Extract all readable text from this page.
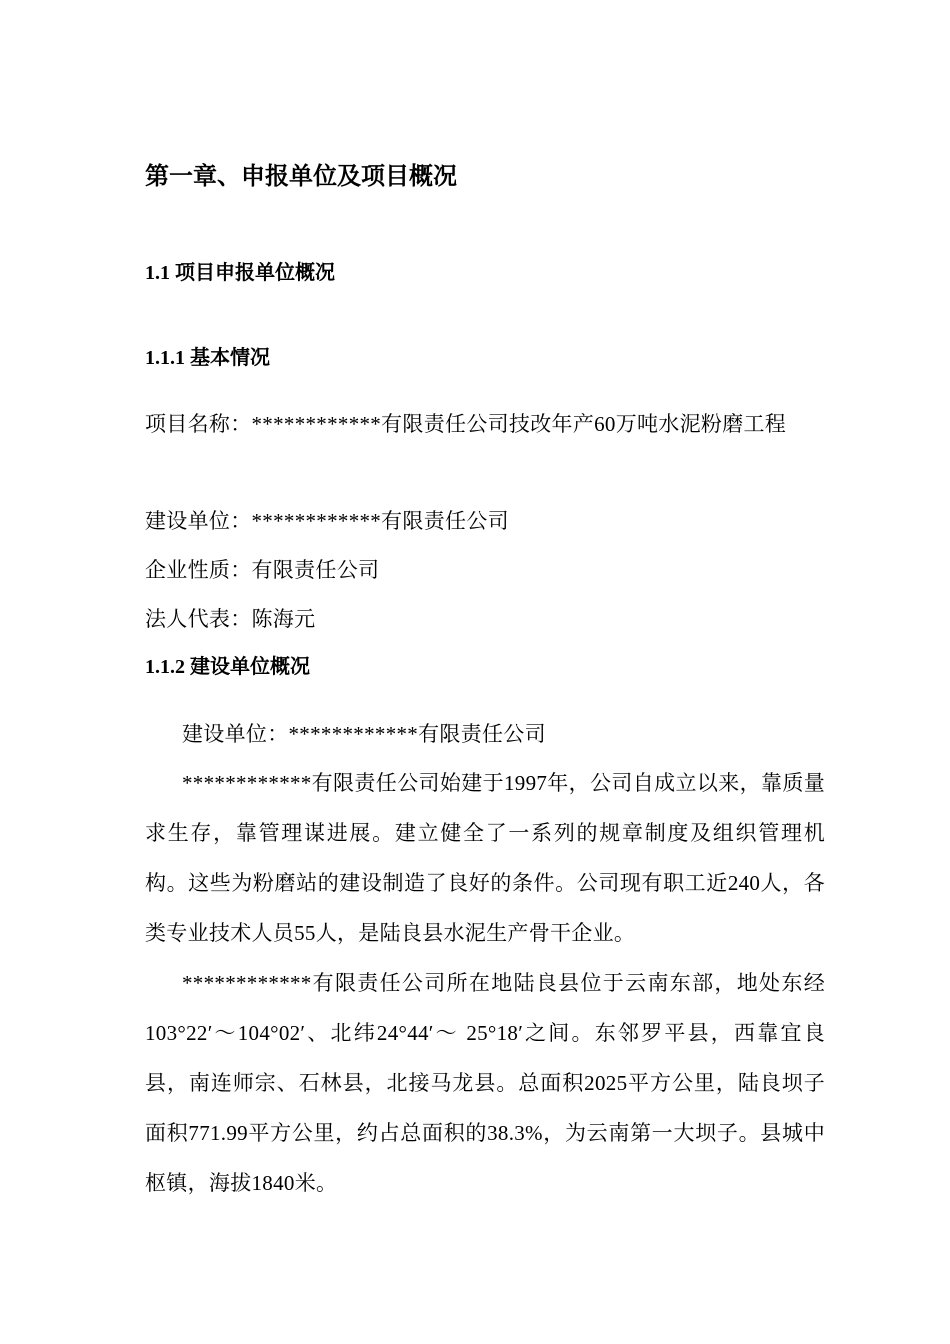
第一章、申报单位及项目概况
1.1 项目申报单位概况
1.1.1 基本情况

项目名称：************有限责任公司技改年产60万吨水泥粉磨工程

建设单位：************有限责任公司

企业性质：有限责任公司

法人代表：陈海元

1.1.2 建设单位概况

建设单位：************有限责任公司

************有限责任公司始建于1997年，公司自成立以来，靠质量求生存，靠管理谋进展。建立健全了一系列的规章制度及组织管理机构。这些为粉磨站的建设制造了良好的条件。公司现有职工近240人，各类专业技术人员55人，是陆良县水泥生产骨干企业。

************有限责任公司所在地陆良县位于云南东部，地处东经103°22′～104°02′、北纬24°44′～ 25°18′之间。东邻罗平县，西靠宜良县，南连师宗、石林县，北接马龙县。总面积2025平方公里，陆良坝子面积771.99平方公里，约占总面积的38.3%，为云南第一大坝子。县城中枢镇，海拔1840米。
